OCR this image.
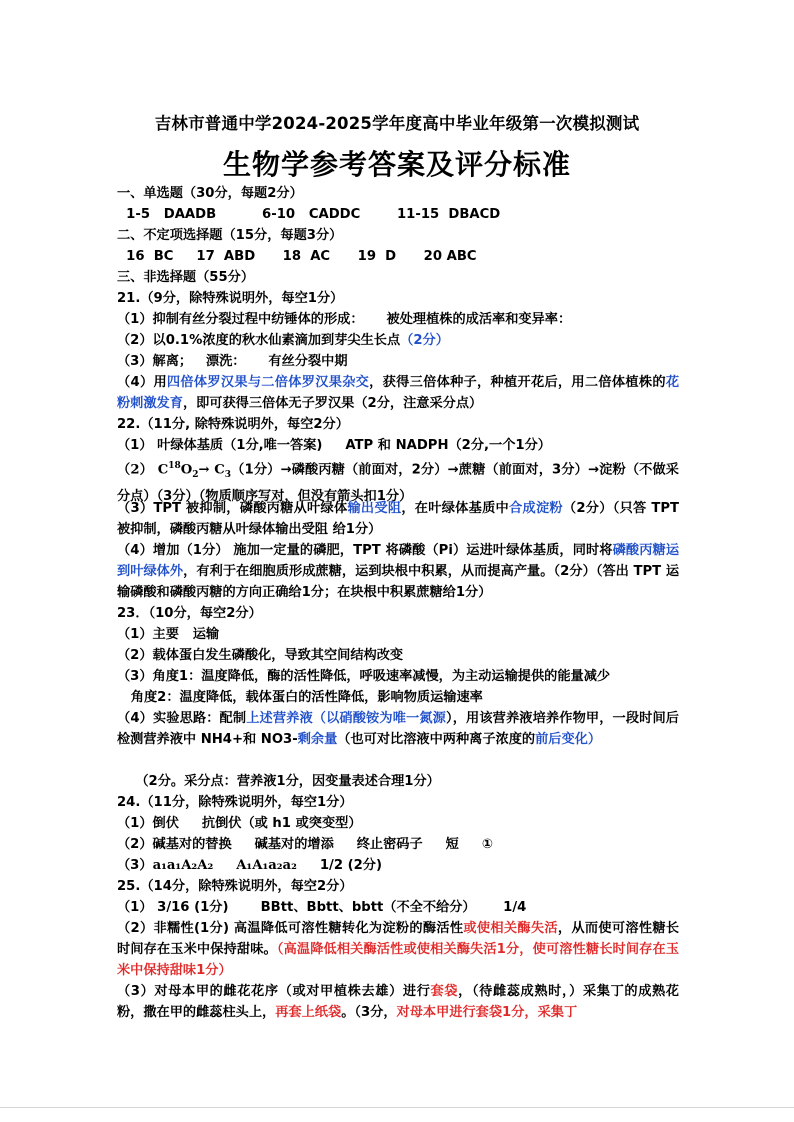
吉林市普通中学2024-2025学年度高中毕业年级第一次模拟测试
生物学参考答案及评分标准
一、单选题（30分，每题2分）
1-5   DAADB          6-10   CADDC        11-15  DBACD
二、不定项选择题（15分，每题3分）
16  BC     17  ABD      18  AC      19  D      20 ABC
三、非选择题（55分）
21.（9分，除特殊说明外，每空1分）
（1）抑制有丝分裂过程中纺锤体的形成：     被处理植株的成活率和变异率：
（2）以0.1%浓度的秋水仙素滴加到芽尖生长点（2分）
（3）解离；   漂洗：     有丝分裂中期
（4）用四倍体罗汉果与二倍体罗汉果杂交，获得三倍体种子，种植开花后，用二倍体植株的花粉刺激发育，即可获得三倍体无子罗汉果（2分，注意采分点）
22.（11分, 除特殊说明外，每空2分）
（1） 叶绿体基质（1分,唯一答案)     ATP 和 NADPH（2分,一个1分）
（2） $C^{18}O_2\to C_3(1$分）→磷酸丙糖（前面对，2分）→蔗糖（前面对，3分）→淀粉（不做采分点）（3分）（物质顺序写对，但没有箭头扣1分）
（3）TPT 被抑制，磷酸丙糖从叶绿体输出受阻，在叶绿体基质中合成淀粉（2分）（只答 TPT 被抑制，磷酸丙糖从叶绿体输出受阻 给1分）
（4）增加（1分） 施加一定量的磷肥，TPT 将磷酸（Pi）运进叶绿体基质，同时将磷酸丙糖运到叶绿体外，有利于在细胞质形成蔗糖，运到块根中积累，从而提高产量。（2分）（答出 TPT 运输磷酸和磷酸丙糖的方向正确给1分；在块根中积累蔗糖给1分）
23．（10分，每空2分）
（1）主要   运输
（2）载体蛋白发生磷酸化，导致其空间结构改变
（3）角度1：温度降低，酶的活性降低，呼吸速率减慢，为主动运输提供的能量减少
角度2：温度降低，载体蛋白的活性降低，影响物质运输速率
（4）实验思路：配制上述营养液（以硝酸铵为唯一氮源），用该营养液培养作物甲，一段时间后检测营养液中 NH4+和 NO3-剩余量（也可对比溶液中两种离子浓度的前后变化）
（2分。采分点：营养液1分，因变量表述合理1分）
24.（11分，除特殊说明外，每空1分）
（1）倒伏     抗倒伏（或 h1 或突变型）
（2）碱基对的替换     碱基对的增添     终止密码子     短     ①
（3）a₁a₁A₂A₂ A₁A₁a₂a₂ 1/2 (2分)
25.（14分，除特殊说明外，每空2分）
（1） 3/16 (1分)       BBtt、Bbtt、bbtt（不全不给分）      1/4
（2）非糯性(1分) 高温降低可溶性糖转化为淀粉的酶活性或使相关酶失活，从而使可溶性糖长时间存在玉米中保持甜味。（高温降低相关酶活性或使相关酶失活1分，使可溶性糖长时间存在玉米中保持甜味1分）
（3）对母本甲的雌花花序（或对甲植株去雄）进行套袋，（待雌蕊成熟时，）采集丁的成熟花粉，撒在甲的雌蕊柱头上，再套上纸袋。（3分，对母本甲进行套袋1分，采集丁
